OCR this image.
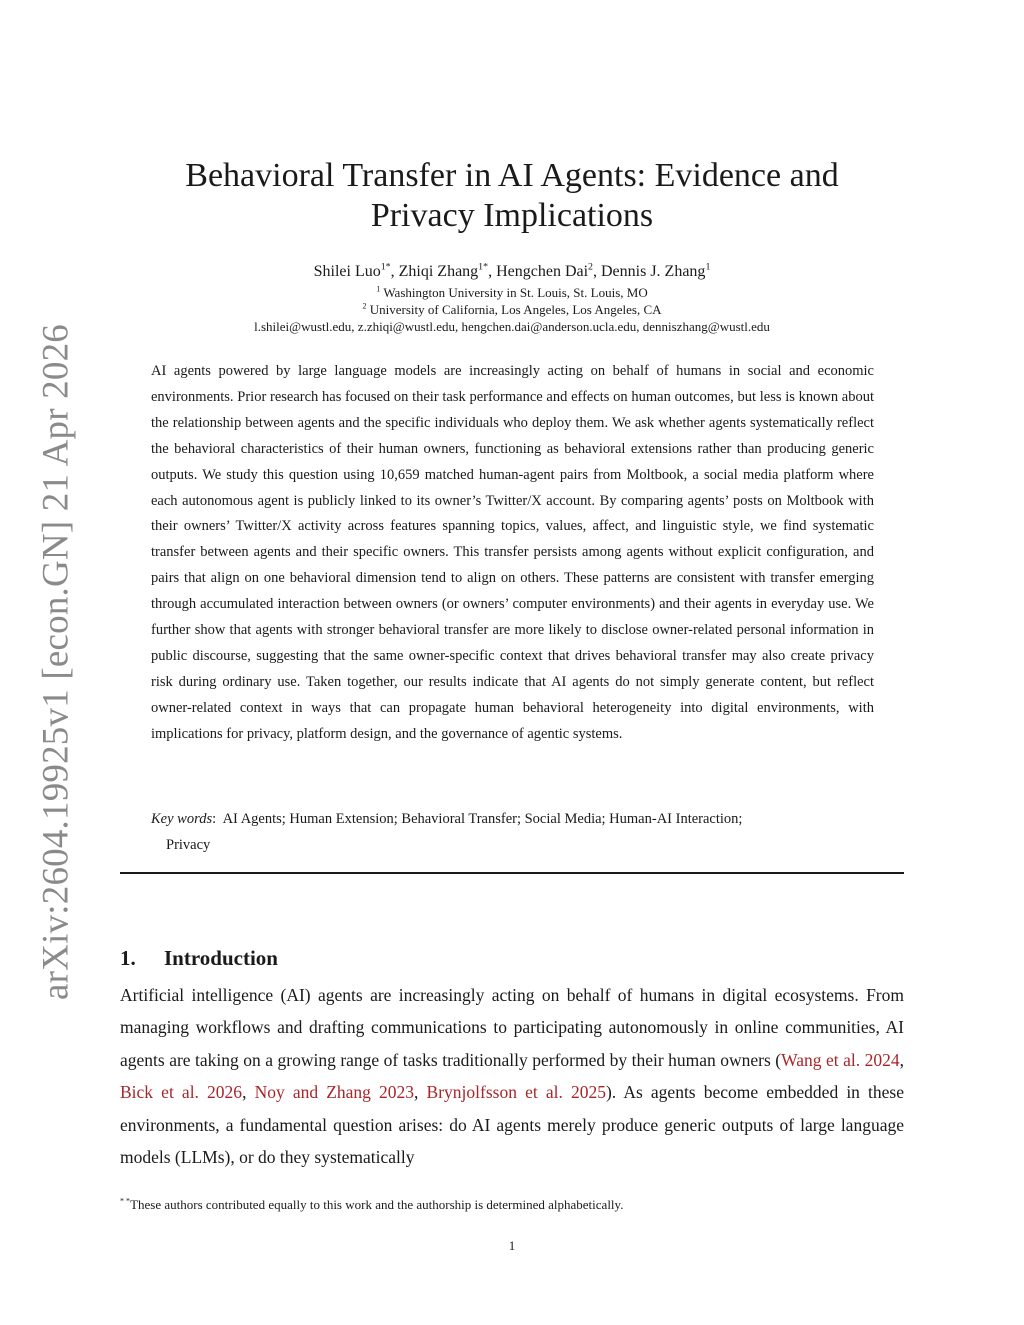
arXiv:2604.19925v1 [econ.GN] 21 Apr 2026
Behavioral Transfer in AI Agents: Evidence and Privacy Implications
Shilei Luo$^{1*}$, Zhiqi Zhang$^{1*}$, Hengchen Dai$^2$, Dennis J. Zhang$^1$
$^1$ Washington University in St. Louis, St. Louis, MO
$^2$ University of California, Los Angeles, Los Angeles, CA
l.shilei@wustl.edu, z.zhiqi@wustl.edu, hengchen.dai@anderson.ucla.edu, denniszhang@wustl.edu

AI agents powered by large language models are increasingly acting on behalf of humans in social and economic environments. Prior research has focused on their task performance and effects on human outcomes, but less is known about the relationship between agents and the specific individuals who deploy them. We ask whether agents systematically reflect the behavioral characteristics of their human owners, functioning as behavioral extensions rather than producing generic outputs. We study this question using 10,659 matched human-agent pairs from Moltbook, a social media platform where each autonomous agent is publicly linked to its owner’s Twitter/X account. By comparing agents’ posts on Moltbook with their owners’ Twitter/X activity across features spanning topics, values, affect, and linguistic style, we find systematic transfer between agents and their specific owners. This transfer persists among agents without explicit configuration, and pairs that align on one behavioral dimension tend to align on others. These patterns are consistent with transfer emerging through accumulated interaction between owners (or owners’ computer environments) and their agents in everyday use. We further show that agents with stronger behavioral transfer are more likely to disclose owner-related personal information in public discourse, suggesting that the same owner-specific context that drives behavioral transfer may also create privacy risk during ordinary use. Taken together, our results indicate that AI agents do not simply generate content, but reflect owner-related context in ways that can propagate human behavioral heterogeneity into digital environments, with implications for privacy, platform design, and the governance of agentic systems.

Key words:  AI Agents; Human Extension; Behavioral Transfer; Social Media; Human-AI Interaction;
Privacy
1. Introduction

Artificial intelligence (AI) agents are increasingly acting on behalf of humans in digital ecosystems. From managing workflows and drafting communications to participating autonomously in online communities, AI agents are taking on a growing range of tasks traditionally performed by their human owners (Wang et al. 2024, Bick et al. 2026, Noy and Zhang 2023, Brynjolfsson et al. 2025). As agents become embedded in these environments, a fundamental question arises: do AI agents merely produce generic outputs of large language models (LLMs), or do they systematically

* *These authors contributed equally to this work and the authorship is determined alphabetically.
1
